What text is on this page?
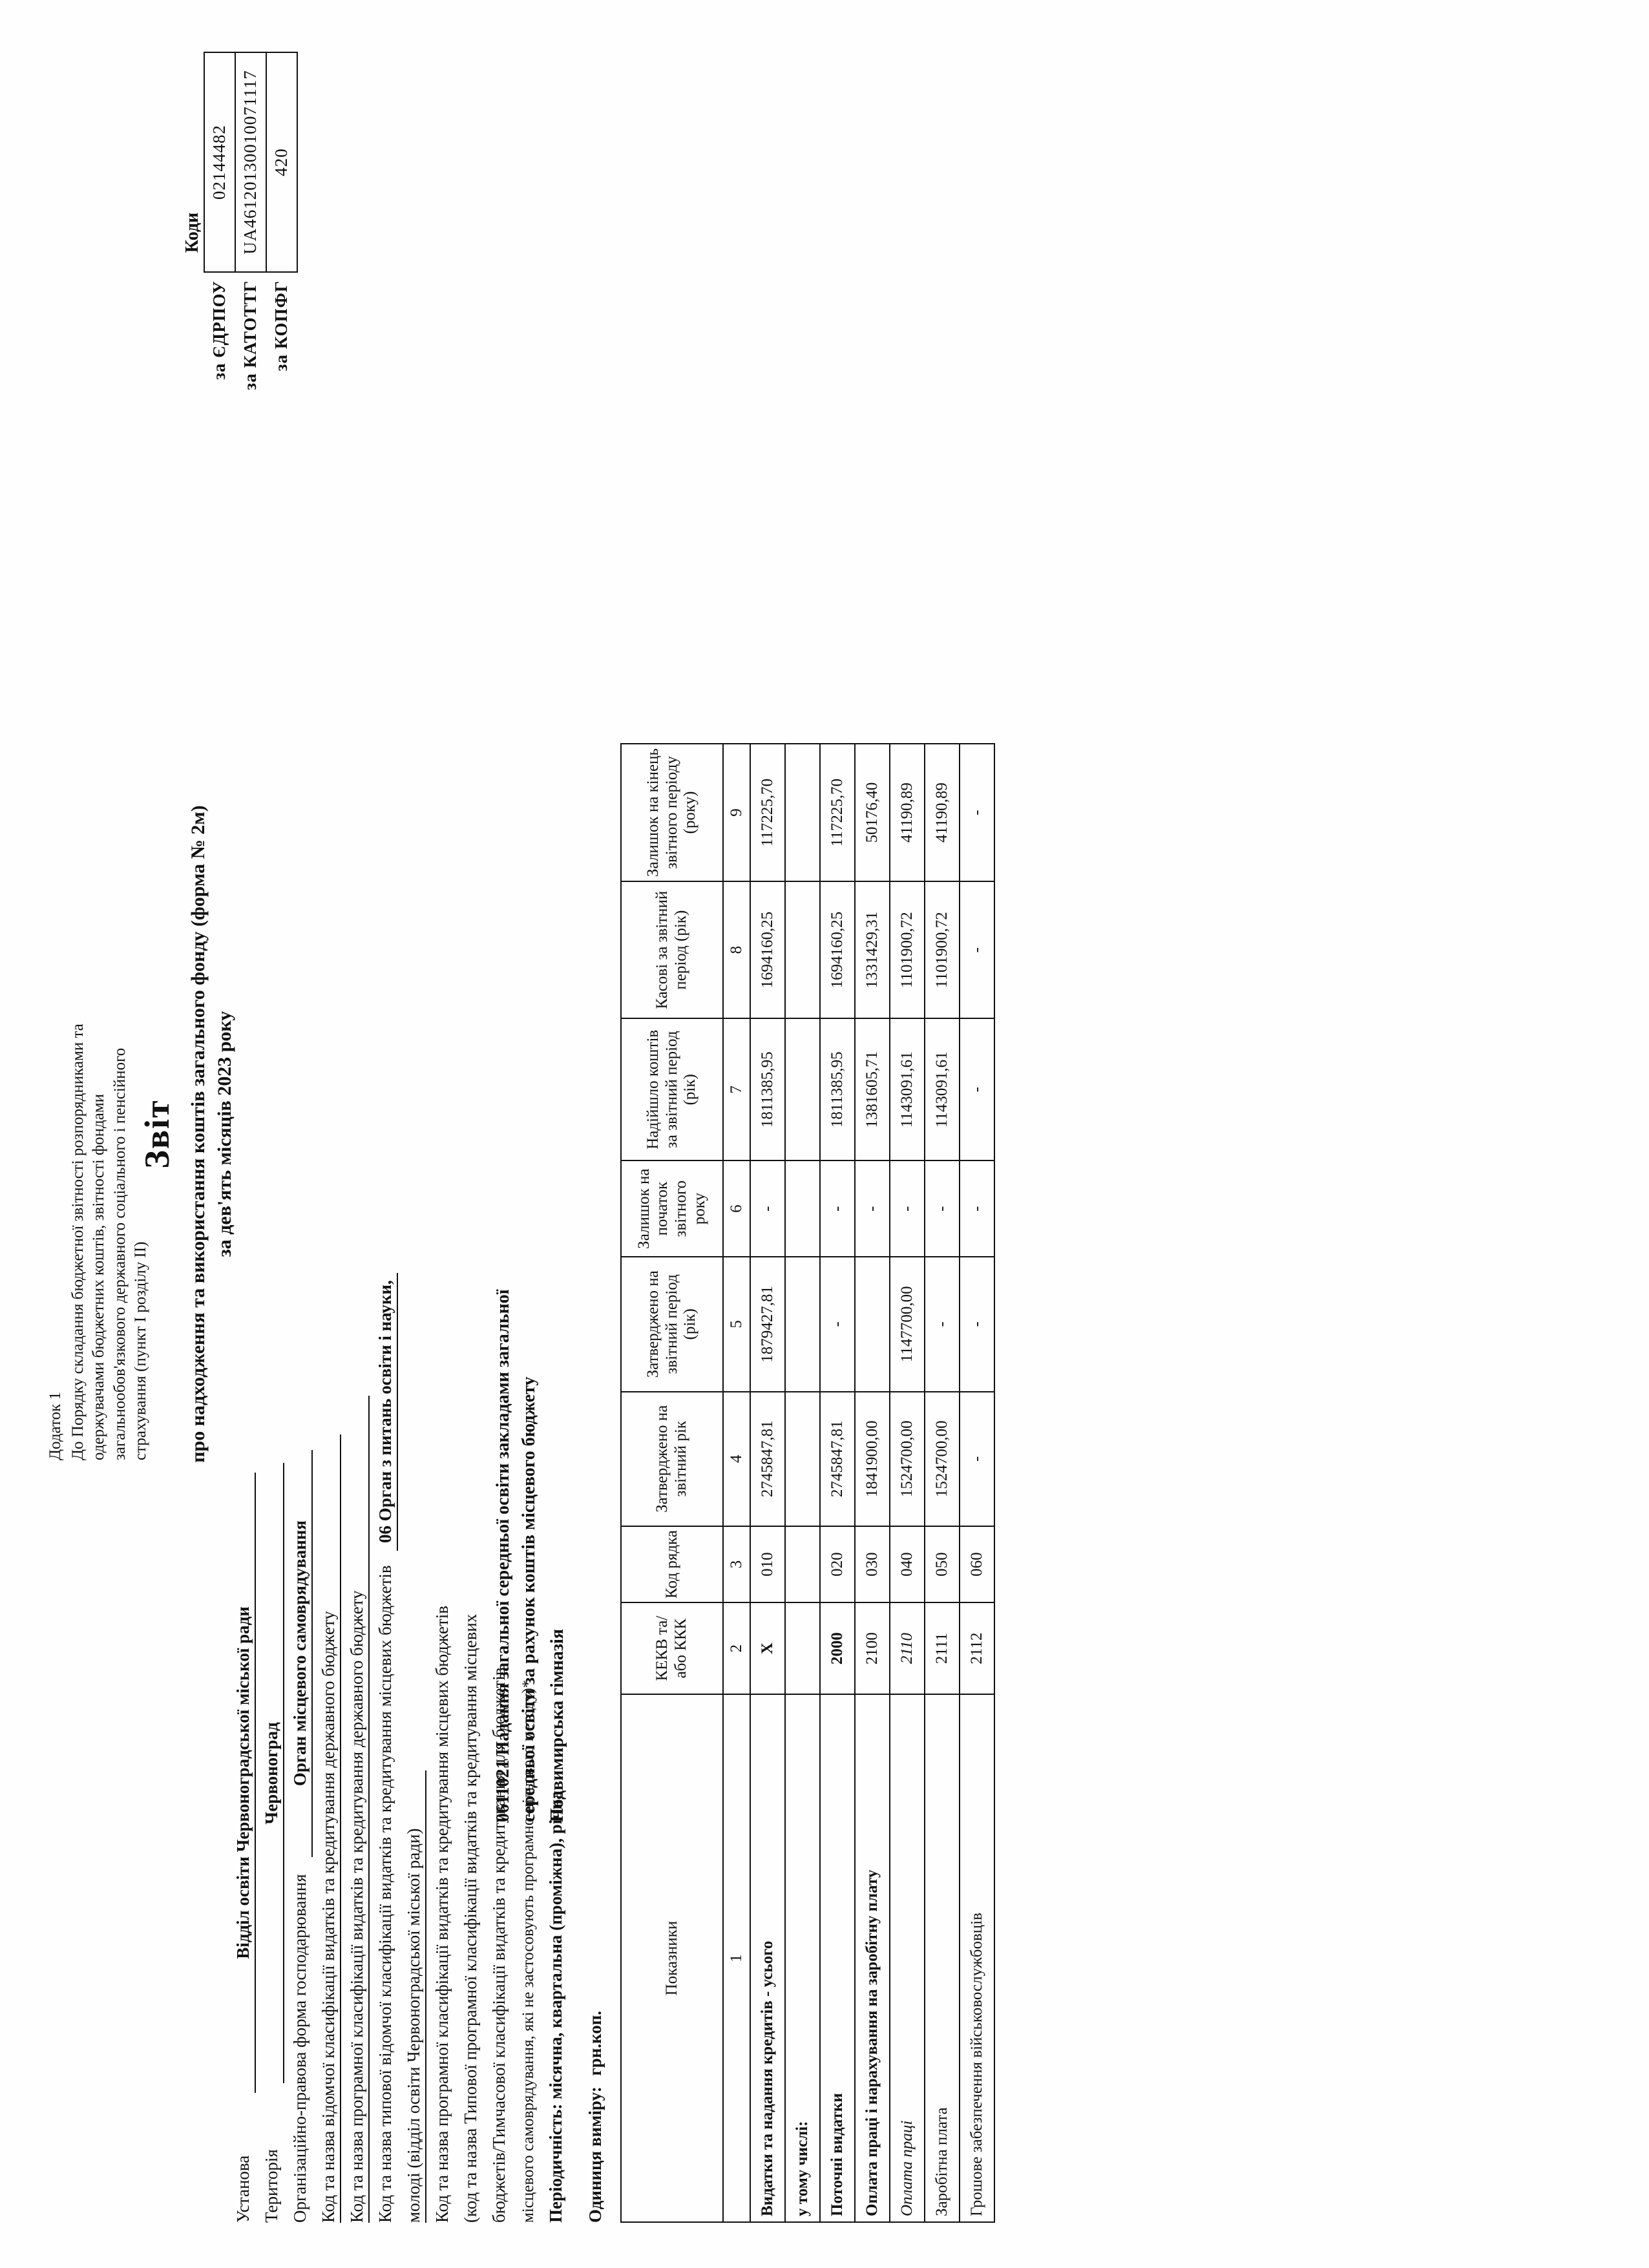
Додаток 1 До Порядку складання бюджетної звітності розпорядниками та одержувачами бюджетних коштів, звітності фондами загальнообов'язкового державного соціального і пенсійного страхування (пункт I розділу II)
Звіт про надходження та використання коштів загального фонду (форма № 2м) за дев'ять місяців 2023 року
Коди
за ЄДРПОУ	02144482
за КАТОТТГ	UA46120130010071117
за КОПФГ	420
Установа Відділ освіти Червоноградської міської ради
Територія Червоноград
Організаційно-правова форма господарювання Орган місцевого самоврядування Код та назва відомчої класифікації видатків та кредитування державного бюджету Код та назва програмної класифікації видатків та кредитування державного бюджету Код та назва типової відомчої класифікації видатків та кредитування місцевих бюджетів 06 Орган з питань освіти і науки,
молоді (відділ освіти Червоноградської міської ради) Код та назва програмної класифікації видатків та кредитування місцевих бюджетів (код та назва Типової програмної класифікації видатків та кредитування місцевих бюджетів/Тимчасової класифікації видатків та кредитування для бюджетів місцевого самоврядування, які не застосовують програмно-цільового методу)* Періодичність: місячна, квартальна (проміжна), річна
0611021 Надання загальної середньої освіти закладами загальної середньої освіти за рахунок коштів місцевого бюджету Подвимирська гімназія
Одиниця виміру: грн.коп.
Показники	КЕКВ та/або ККК	Код рядка	Затверджено на звітний рік	Затверджено на звітний період (рік)	Залишок на початок звітного року	Надійшло коштів за звітний період (рік)	Касові за звітний період (рік)	Залишок на кінець звітного періоду (року)
1	2	3	4	5	6	7	8	9
Видатки та надання кредитів - усього	X	010	2745847,81	1879427,81	-	1811385,95	1694160,25	117225,70
у тому числі:								
Поточні видатки	2000	020	2745847,81	-	-	1811385,95	1694160,25	117225,70
Оплата праці і нарахування на заробітну плату	2100	030	1841900,00		-	1381605,71	1331429,31	50176,40
Оплата праці	2110	040	1524700,00	1147700,00	-	1143091,61	1101900,72	41190,89
Заробітна плата	2111	050	1524700,00	-	-	1143091,61	1101900,72	41190,89
Грошове забезпечення військовослужбовців	2112	060	-	-	-	-	-	-
